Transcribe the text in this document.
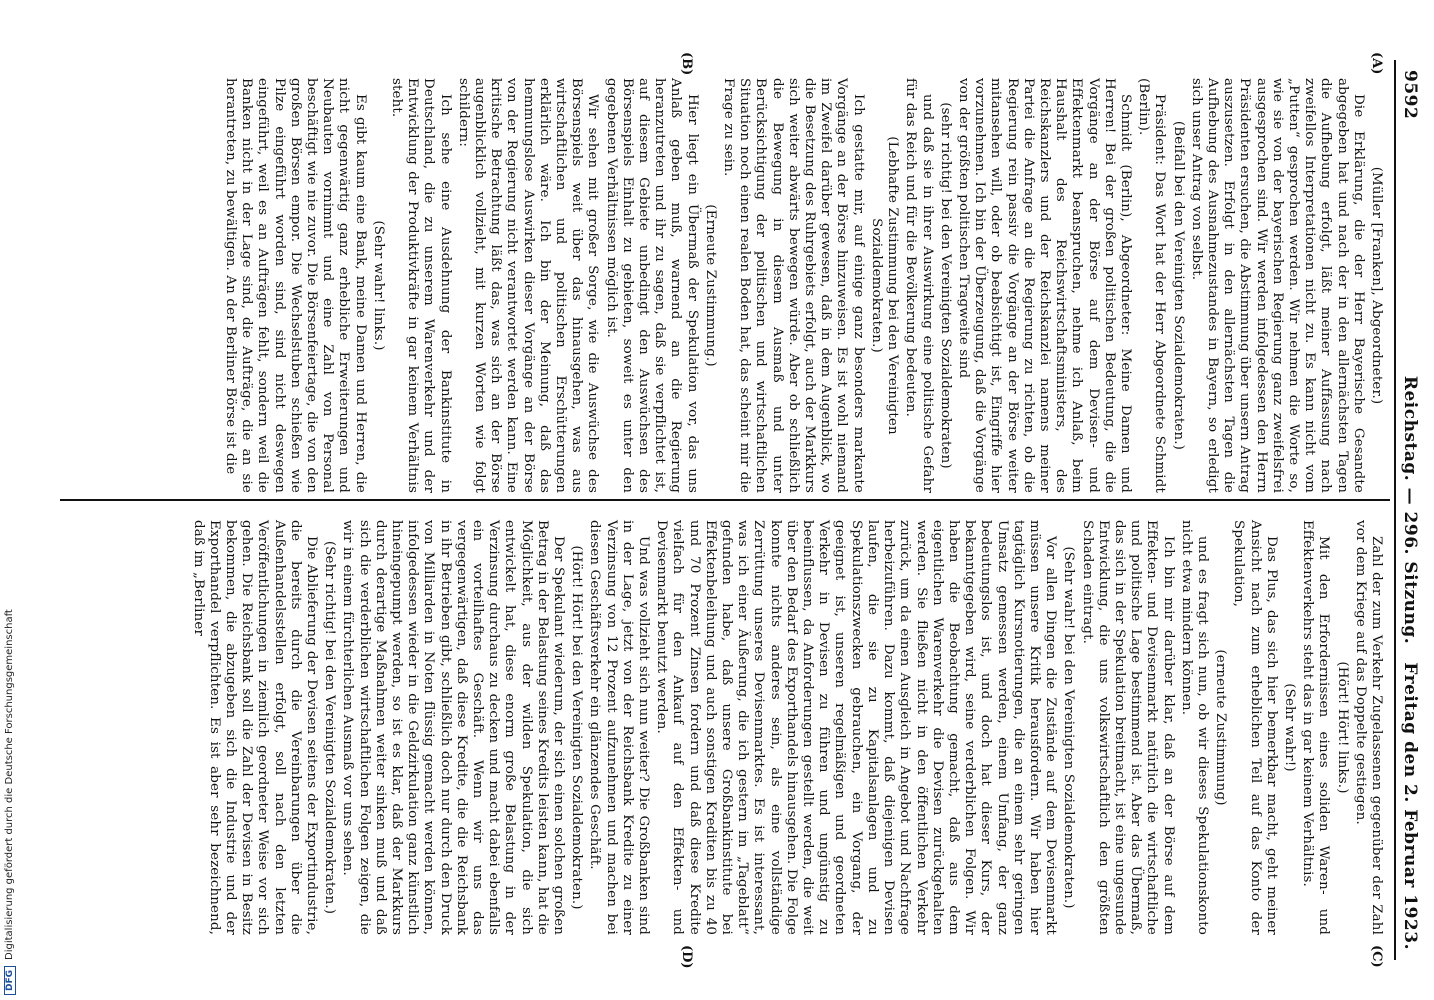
9592
Reichstag. — 296. Sitzung.
Freitag den 2. Februar 1923.
(A)
(B)
(C)
(D)

(Müller [Franken], Abgeordneter.)

Die Erklärung, die der Herr Bayerische Gesandte abgegeben hat und nach der in den allernächsten Tagen die Aufhebung erfolgt, läßt meiner Auffassung nach zweifellos Interpretationen nicht zu. Es kann nicht vom „Putten“ gesprochen werden. Wir nehmen die Worte so, wie sie von der bayerischen Regierung ganz zweifelsfrei ausgesprochen sind. Wir werden infolgedessen den Herrn Präsidenten ersuchen, die Abstimmung über unsern Antrag auszusetzen. Erfolgt in den allernächsten Tagen die Aufhebung des Ausnahmezustandes in Bayern, so erledigt sich unser Antrag von selbst.

(Beifall bei den Vereinigten Sozialdemokraten.)

Präsident: Das Wort hat der Herr Abgeordnete Schmidt (Berlin).

Schmidt (Berlin), Abgeordneter: Meine Damen und Herren! Bei der großen politischen Bedeutung, die die Vorgänge an der Börse auf dem Devisen- und Effektenmarkt beanspruchen, nehme ich Anlaß, beim Haushalt des Reichswirtschaftsministers, des Reichskanzlers und der Reichskanzlei namens meiner Partei die Anfrage an die Regierung zu richten, ob die Regierung rein passiv die Vorgänge an der Börse weiter mitansehen will, oder ob beabsichtigt ist, Eingriffe hier vorzunehmen. Ich bin der Überzeugung, daß die Vorgänge von der größten politischen Tragweite sind

(sehr richtig! bei den Vereinigten Sozialdemokraten)

und daß sie in ihrer Auswirkung eine politische Gefahr für das Reich und für die Bevölkerung bedeuten.

(Lebhafte Zustimmung bei den Vereinigten Sozialdemokraten.)

Ich gestatte mir, auf einige ganz besonders markante Vorgänge an der Börse hinzuweisen. Es ist wohl niemand im Zweifel darüber gewesen, daß in dem Augenblick, wo die Besetzung des Ruhrgebiets erfolgt, auch der Markkurs sich weiter abwärts bewegen würde. Aber ob schließlich die Bewegung in diesem Ausmaß und unter Berücksichtigung der politischen und wirtschaftlichen Situation noch einen realen Boden hat, das scheint mir die Frage zu sein.

(Erneute Zustimmung.)

Hier liegt ein Übermaß der Spekulation vor, das uns Anlaß geben muß, warnend an die Regierung heranzutreten und ihr zu sagen, daß sie verpflichtet ist, auf diesem Gebiete unbedingt den Auswüchsen des Börsenspiels Einhalt zu gebieten, soweit es unter den gegebenen Verhältnissen möglich ist.

Wir sehen mit großer Sorge, wie die Auswüchse des Börsenspiels weit über das hinausgehen, was aus wirtschaftlichen und politischen Erschütterungen erklärlich wäre. Ich bin der Meinung, daß das hemmungslose Auswirken dieser Vorgänge an der Börse von der Regierung nicht verantwortet werden kann. Eine kritische Betrachtung läßt das, was sich an der Börse augenblicklich vollzieht, mit kurzen Worten wie folgt schildern:

Ich sehe eine Ausdehnung der Bankinstitute in Deutschland, die zu unserem Warenverkehr und der Entwicklung der Produktivkräfte in gar keinem Verhältnis steht.

(Sehr wahr! links.)

Es gibt kaum eine Bank, meine Damen und Herren, die nicht gegenwärtig ganz erhebliche Erweiterungen und Neubauten vornimmt und eine Zahl von Personal beschäftigt wie nie zuvor. Die Börsenfeiertage, die von den großen Börsen empor. Die Wechselstuben schießen wie Pilze eingeführt worden sind, sind nicht deswegen eingeführt, weil es an Aufträgen fehlt, sondern weil die Banken nicht in der Lage sind, die Aufträge, die an sie herantreten, zu bewältigen. An der Berliner Börse ist die

Zahl der zum Verkehr Zugelassenen gegenüber der Zahl vor dem Kriege auf das Doppelte gestiegen.

(Hört! Hört! links.)

Mit den Erfordernissen eines soliden Waren- und Effektenverkehrs steht das in gar keinem Verhältnis.

(Sehr wahr!)

Das Plus, das sich hier bemerkbar macht, geht meiner Ansicht nach zum erheblichen Teil auf das Konto der Spekulation,

(erneute Zustimmung)

und es fragt sich nun, ob wir dieses Spekulationskonto nicht etwa mindern können.

Ich bin mir darüber klar, daß an der Börse auf dem Effekten- und Devisenmarkt natürlich die wirtschaftliche und politische Lage bestimmend ist. Aber das Übermaß, das sich in der Spekulation breitmacht, ist eine ungesunde Entwicklung, die uns volkswirtschaftlich den größten Schaden eintragt.

(Sehr wahr! bei den Vereinigten Sozialdemokraten.)

Vor allen Dingen die Zustände auf dem Devisenmarkt müssen unsere Kritik herausfordern. Wir haben hier tagtäglich Kursnotierungen, die an einem sehr geringen Umsatz gemessen werden, einem Umfang, der ganz bedeutungslos ist, und doch hat dieser Kurs, der bekanntgegeben wird, seine verderblichen Folgen. Wir haben die Beobachtung gemacht, daß aus dem eigentlichen Warenverkehr die Devisen zurückgehalten werden. Sie fließen nicht in den öffentlichen Verkehr zurück, um da einen Ausgleich in Angebot und Nachfrage herbeizuführen. Dazu kommt, daß diejenigen Devisen laufen, die sie zu Kapitalsanlagen und zu Spekulationszwecken gebrauchen, ein Vorgang, der geeignet ist, unseren regelmäßigen und geordneten Verkehr in Devisen zu führen und ungünstig zu beeinflussen, da Anforderungen gestellt werden, die weit über den Bedarf des Exporthandels hinausgehen. Die Folge konnte nichts anderes sein, als eine vollständige Zerrüttung unseres Devisenmarktes. Es ist interessant, was ich einer Äußerung, die ich gestern im „Tageblatt“ gefunden habe, daß unsere Großbankinstitute bei Effektenbeleihung und auch sonstigen Krediten bis zu 40 und 70 Prozent Zinsen fordern und daß diese Kredite vielfach für den Ankauf auf den Effekten- und Devisenmarkt benutzt werden.

Und was vollzieht sich nun weiter? Die Großbanken sind in der Lage, jetzt von der Reichsbank Kredite zu einer Verzinsung von 12 Prozent aufzunehmen und machen bei diesen Geschäftsverkehr ein glänzendes Geschäft.

(Hört! Hört! bei den Vereinigten Sozialdemokraten.)

Der Spekulant wiederum, der sich einen solchen großen Betrag in der Belastung seines Kredits leisten kann, hat die Möglichkeit, aus der wilden Spekulation, die sich entwickelt hat, diese enorm große Belastung in der Verzinsung durchaus zu decken und macht dabei ebenfalls ein vorteilhaftes Geschäft. Wenn wir uns das vergegenwärtigen, daß diese Kredite, die die Reichsbank in ihr Betrieben gibt, schließlich doch nur durch den Druck von Milliarden in Noten flüssig gemacht werden können, infolgedessen wieder in die Geldzirkulation ganz künstlich hineingepumpt werden, so ist es klar, daß der Markkurs durch derartige Maßnahmen weiter sinken muß und daß sich die verderblichen wirtschaftlichen Folgen zeigen, die wir in einem fürchterlichen Ausmaß vor uns sehen.

(Sehr richtig! bei den Vereinigten Sozialdemokraten.)

Die Ablieferung der Devisen seitens der Exportindustrie, die bereits durch die Vereinbarungen über die Außenhandelsstellen erfolgt, soll nach den letzten Veröffentlichungen in ziemlich geordneter Weise vor sich gehen. Die Reichsbank soll die Zahl der Devisen in Besitz bekommen, die abzugeben sich die Industrie und der Exporthandel verpflichten. Es ist aber sehr bezeichnend, daß im „Berliner

DFGDigitalisierung gefördert durch die Deutsche Forschungsgemeinschaft
